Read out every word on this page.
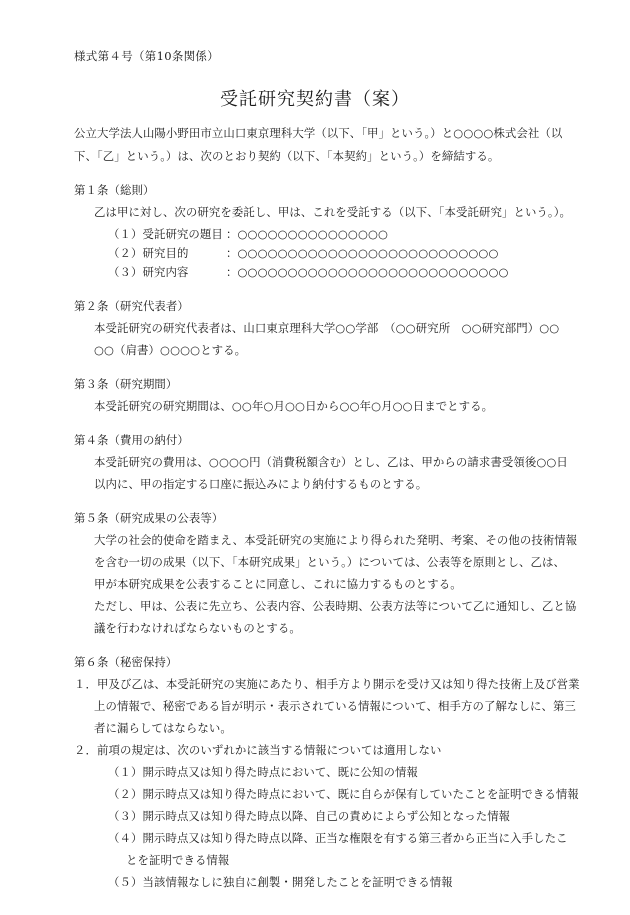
様式第４号（第10条関係）
受託研究契約書（案）
公立大学法人山陽小野田市立山口東京理科大学（以下、「甲」という。）と○○○○株式会社（以
下、「乙」という。）は、次のとおり契約（以下、「本契約」という。）を締結する。
第１条（総則）
乙は甲に対し、次の研究を委託し、甲は、これを受託する（以下、「本受託研究」という。）。
（１）受託研究の題目 ：○○○○○○○○○○○○○○○
（２）研究目的	：○○○○○○○○○○○○○○○○○○○○○○○○○○
（３）研究内容	：○○○○○○○○○○○○○○○○○○○○○○○○○○○
第２条（研究代表者）
本受託研究の研究代表者は、山口東京理科大学○○学部　（○○研究所　○○研究部門）○○
○○（肩書）○○○○とする。
第３条（研究期間）
本受託研究の研究期間は、○○年○月○○日から○○年○月○○日までとする。
第４条（費用の納付）
本受託研究の費用は、○○○○円（消費税額含む）とし、乙は、甲からの請求書受領後○○日
以内に、甲の指定する口座に振込みにより納付するものとする。
第５条（研究成果の公表等）
大学の社会的使命を踏まえ、本受託研究の実施により得られた発明、考案、その他の技術情報
を含む一切の成果（以下、「本研究成果」という。）については、公表等を原則とし、乙は、
甲が本研究成果を公表することに同意し、これに協力するものとする。
ただし、甲は、公表に先立ち、公表内容、公表時期、公表方法等について乙に通知し、乙と協
議を行わなければならないものとする。
第６条（秘密保持）
１．甲及び乙は、本受託研究の実施にあたり、相手方より開示を受け又は知り得た技術上及び営業
上の情報で、秘密である旨が明示・表示されている情報について、相手方の了解なしに、第三
者に漏らしてはならない。
２．前項の規定は、次のいずれかに該当する情報については適用しない
（１）開示時点又は知り得た時点において、既に公知の情報
（２）開示時点又は知り得た時点において、既に自らが保有していたことを証明できる情報
（３）開示時点又は知り得た時点以降、自己の責めによらず公知となった情報
（４）開示時点又は知り得た時点以降、正当な権限を有する第三者から正当に入手したこ
とを証明できる情報
（５）当該情報なしに独自に創製・開発したことを証明できる情報
